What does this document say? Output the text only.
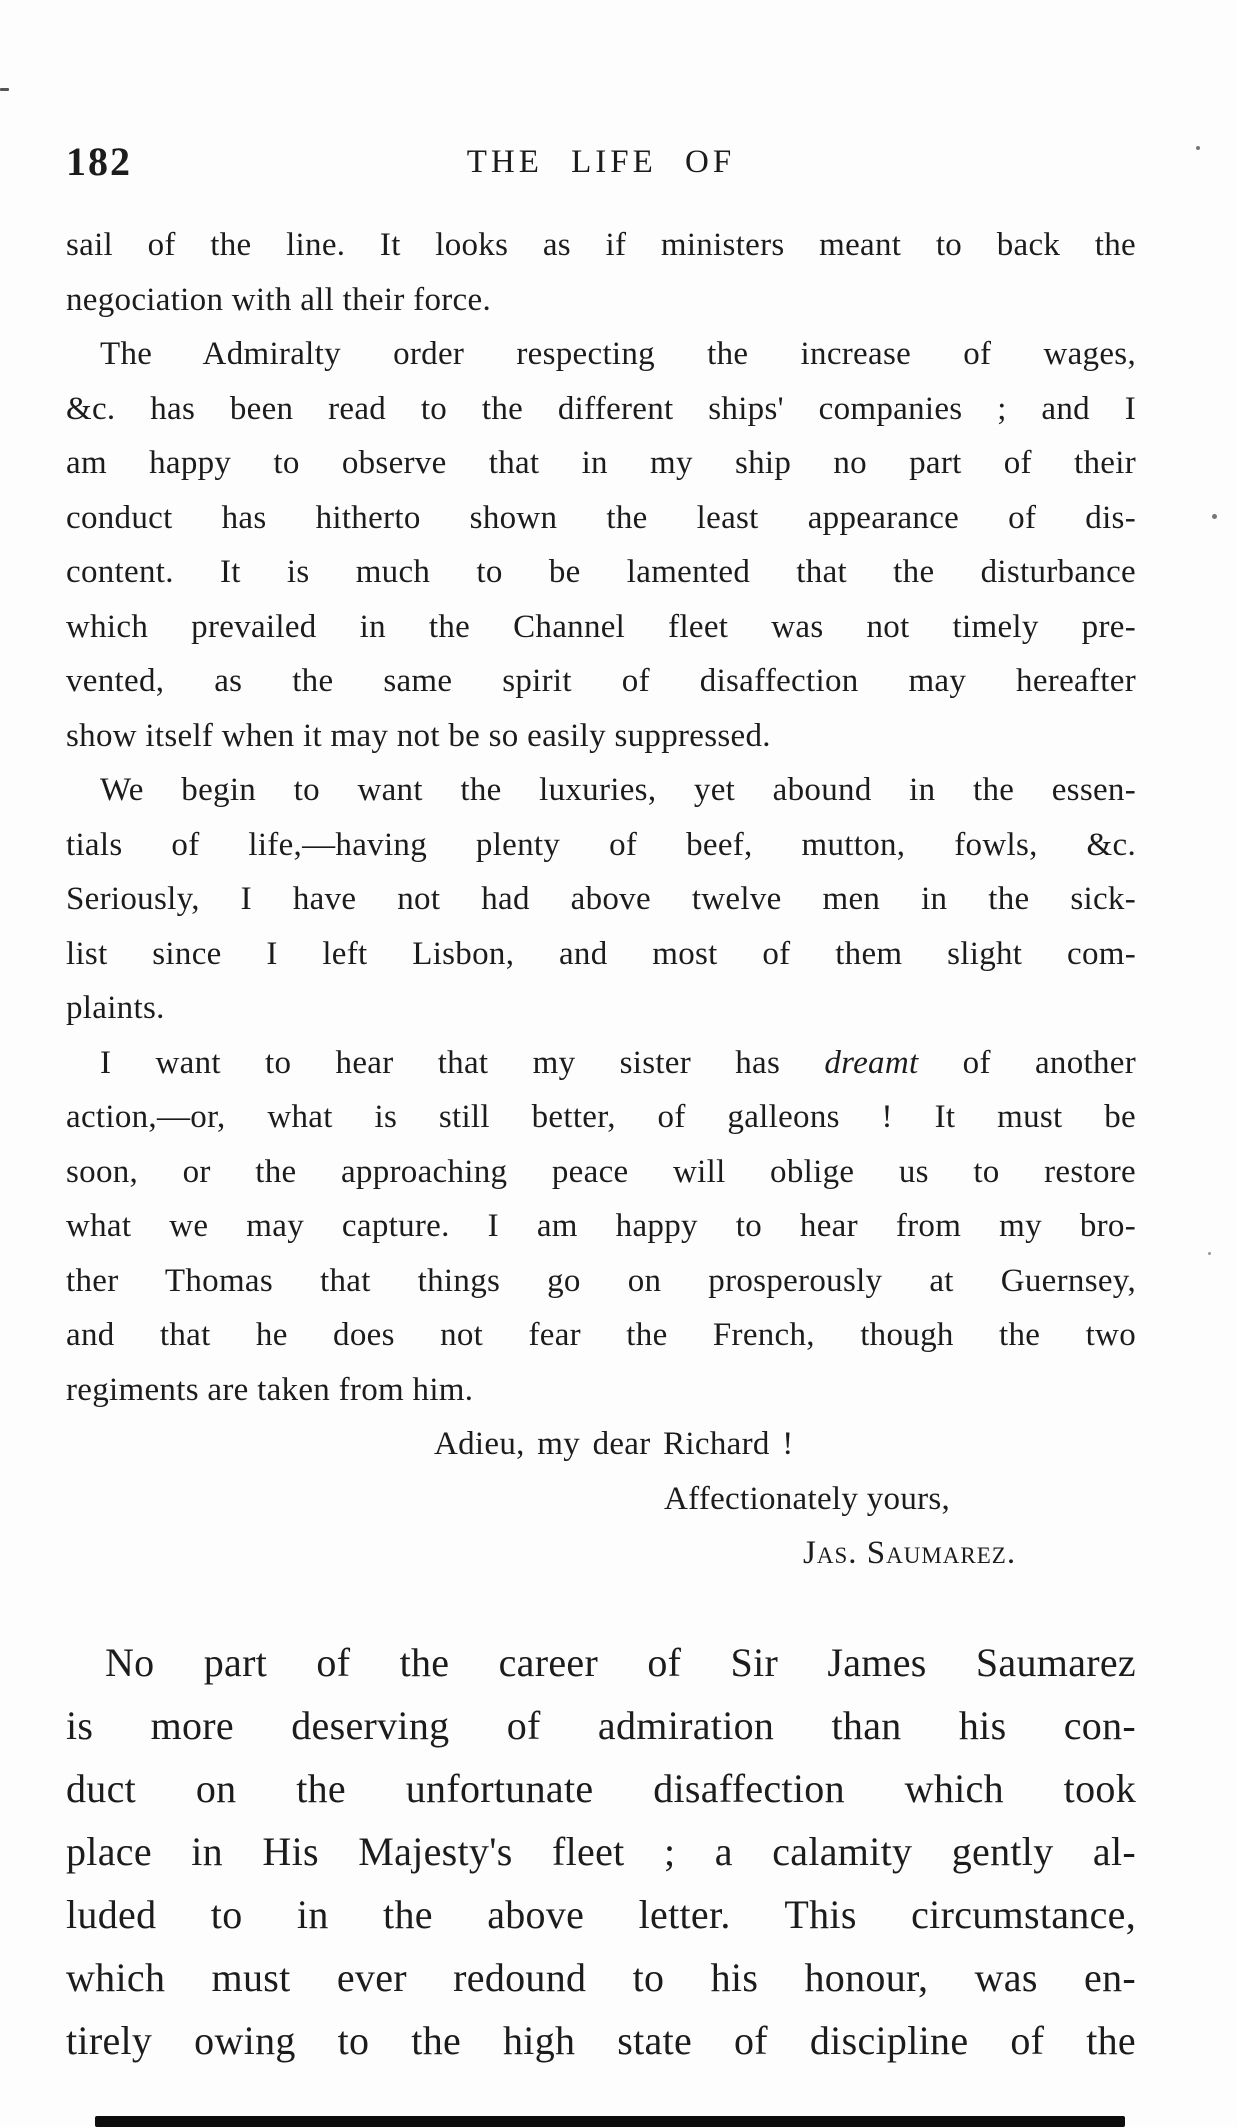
182	THE LIFE OF
sail of the line. It looks as if ministers meant to back the
negociation with all their force.
The Admiralty order respecting the increase of wages,
&c. has been read to the different ships' companies ; and I
am happy to observe that in my ship no part of their
conduct has hitherto shown the least appearance of dis-
content. It is much to be lamented that the disturbance
which prevailed in the Channel fleet was not timely pre-
vented, as the same spirit of disaffection may hereafter
show itself when it may not be so easily suppressed.
We begin to want the luxuries, yet abound in the essen-
tials of life,—having plenty of beef, mutton, fowls, &c.
Seriously, I have not had above twelve men in the sick-
list since I left Lisbon, and most of them slight com-
plaints.
I want to hear that my sister has dreamt of another
action,—or, what is still better, of galleons ! It must be
soon, or the approaching peace will oblige us to restore
what we may capture. I am happy to hear from my bro-
ther Thomas that things go on prosperously at Guernsey,
and that he does not fear the French, though the two
regiments are taken from him.
Adieu, my dear Richard !
Affectionately yours,
Jas. Saumarez.
No part of the career of Sir James Saumarez
is more deserving of admiration than his con-
duct on the unfortunate disaffection which took
place in His Majesty's fleet ; a calamity gently al-
luded to in the above letter. This circumstance,
which must ever redound to his honour, was en-
tirely owing to the high state of discipline of the
